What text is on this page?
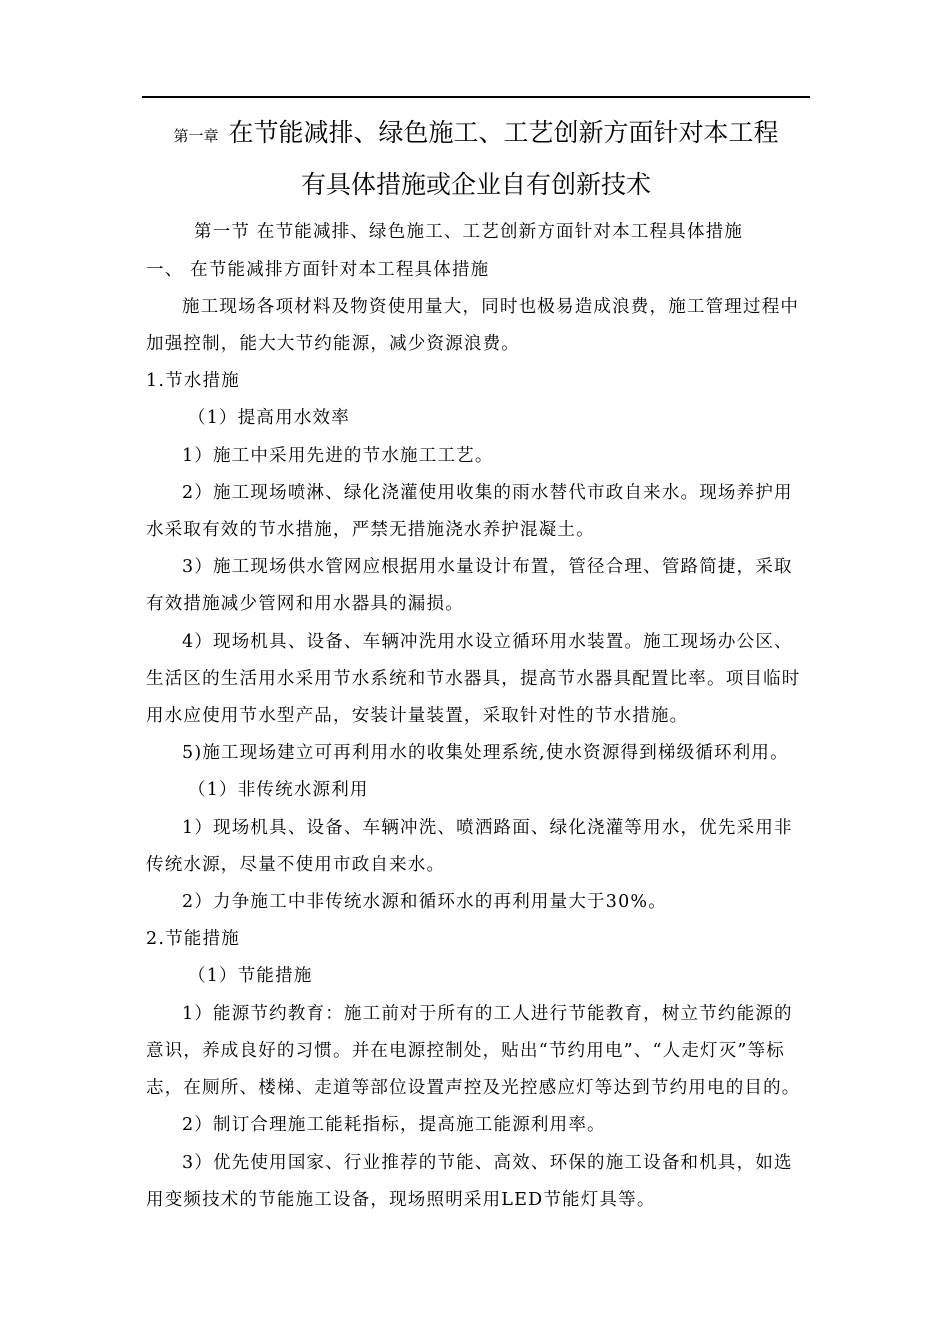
第一章 在节能减排、绿色施工、工艺创新方面针对本工程
有具体措施或企业自有创新技术
第一节 在节能减排、绿色施工、工艺创新方面针对本工程具体措施
一、 在节能减排方面针对本工程具体措施
施工现场各项材料及物资使用量大，同时也极易造成浪费，施工管理过程中
加强控制，能大大节约能源，减少资源浪费。
1.节水措施
（1）提高用水效率
1）施工中采用先进的节水施工工艺。
2）施工现场喷淋、绿化浇灌使用收集的雨水替代市政自来水。现场养护用
水采取有效的节水措施，严禁无措施浇水养护混凝土。
3）施工现场供水管网应根据用水量设计布置，管径合理、管路简捷，采取
有效措施减少管网和用水器具的漏损。
4）现场机具、设备、车辆冲洗用水设立循环用水装置。施工现场办公区、
生活区的生活用水采用节水系统和节水器具，提高节水器具配置比率。项目临时
用水应使用节水型产品，安装计量装置，采取针对性的节水措施。
5)施工现场建立可再利用水的收集处理系统,使水资源得到梯级循环利用。
（1）非传统水源利用
1）现场机具、设备、车辆冲洗、喷洒路面、绿化浇灌等用水，优先采用非
传统水源，尽量不使用市政自来水。
2）力争施工中非传统水源和循环水的再利用量大于30%。
2.节能措施
（1）节能措施
1）能源节约教育：施工前对于所有的工人进行节能教育，树立节约能源的
意识，养成良好的习惯。并在电源控制处，贴出“节约用电”、“人走灯灭”等标
志，在厕所、楼梯、走道等部位设置声控及光控感应灯等达到节约用电的目的。
2）制订合理施工能耗指标，提高施工能源利用率。
3）优先使用国家、行业推荐的节能、高效、环保的施工设备和机具，如选
用变频技术的节能施工设备，现场照明采用LED节能灯具等。
